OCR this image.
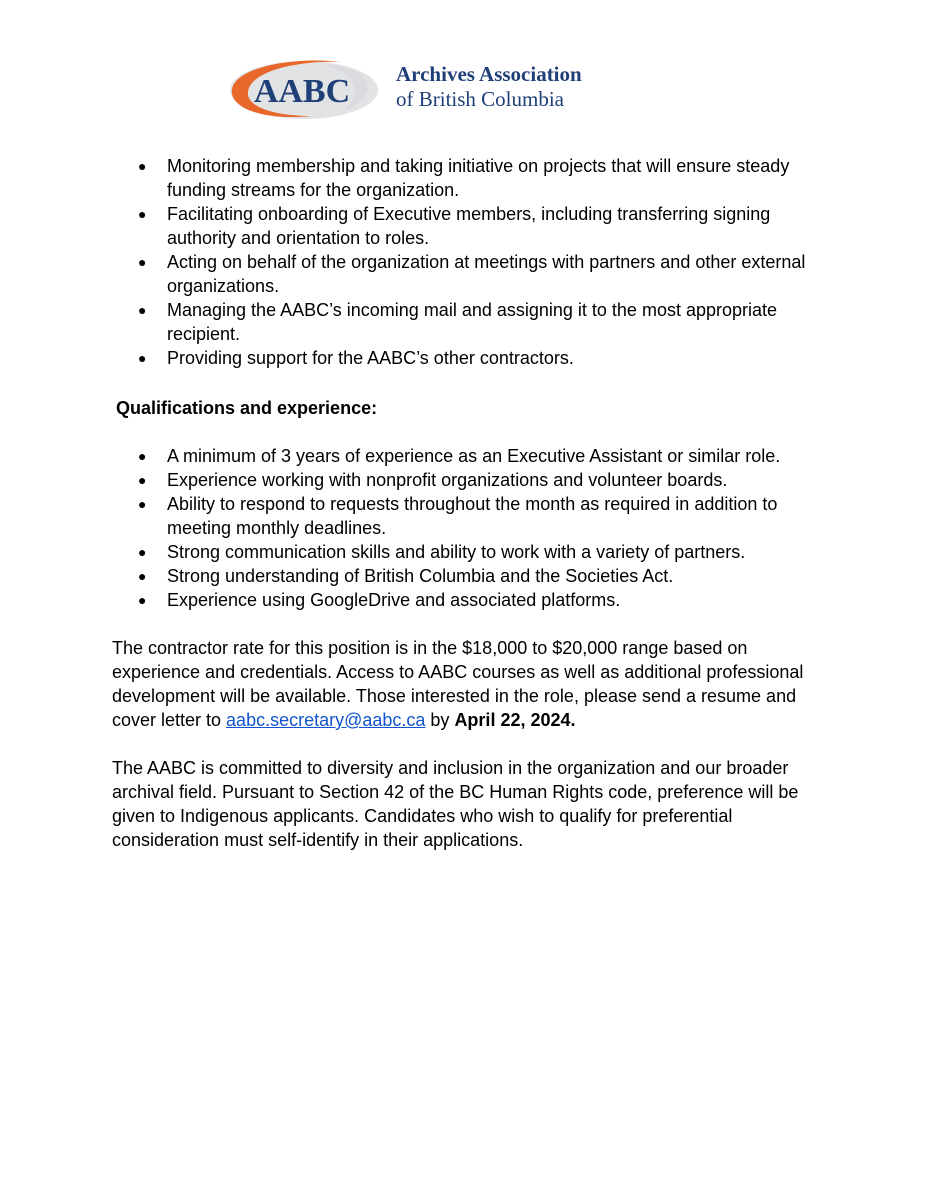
AABC Archives Association
of British Columbia
● Monitoring membership and taking initiative on projects that will ensure steady funding streams for the organization.
● Facilitating onboarding of Executive members, including transferring signing authority and orientation to roles.
● Acting on behalf of the organization at meetings with partners and other external organizations.
● Managing the AABC’s incoming mail and assigning it to the most appropriate recipient.
● Providing support for the AABC’s other contractors.
Qualifications and experience:
● A minimum of 3 years of experience as an Executive Assistant or similar role.
● Experience working with nonprofit organizations and volunteer boards.
● Ability to respond to requests throughout the month as required in addition to meeting monthly deadlines.
● Strong communication skills and ability to work with a variety of partners.
● Strong understanding of British Columbia and the Societies Act.
● Experience using GoogleDrive and associated platforms.

The contractor rate for this position is in the $18,000 to $20,000 range based on experience and credentials. Access to AABC courses as well as additional professional development will be available. Those interested in the role, please send a resume and cover letter to aabc.secretary@aabc.ca by April 22, 2024.

The AABC is committed to diversity and inclusion in the organization and our broader archival field. Pursuant to Section 42 of the BC Human Rights code, preference will be given to Indigenous applicants. Candidates who wish to qualify for preferential consideration must self-identify in their applications.
